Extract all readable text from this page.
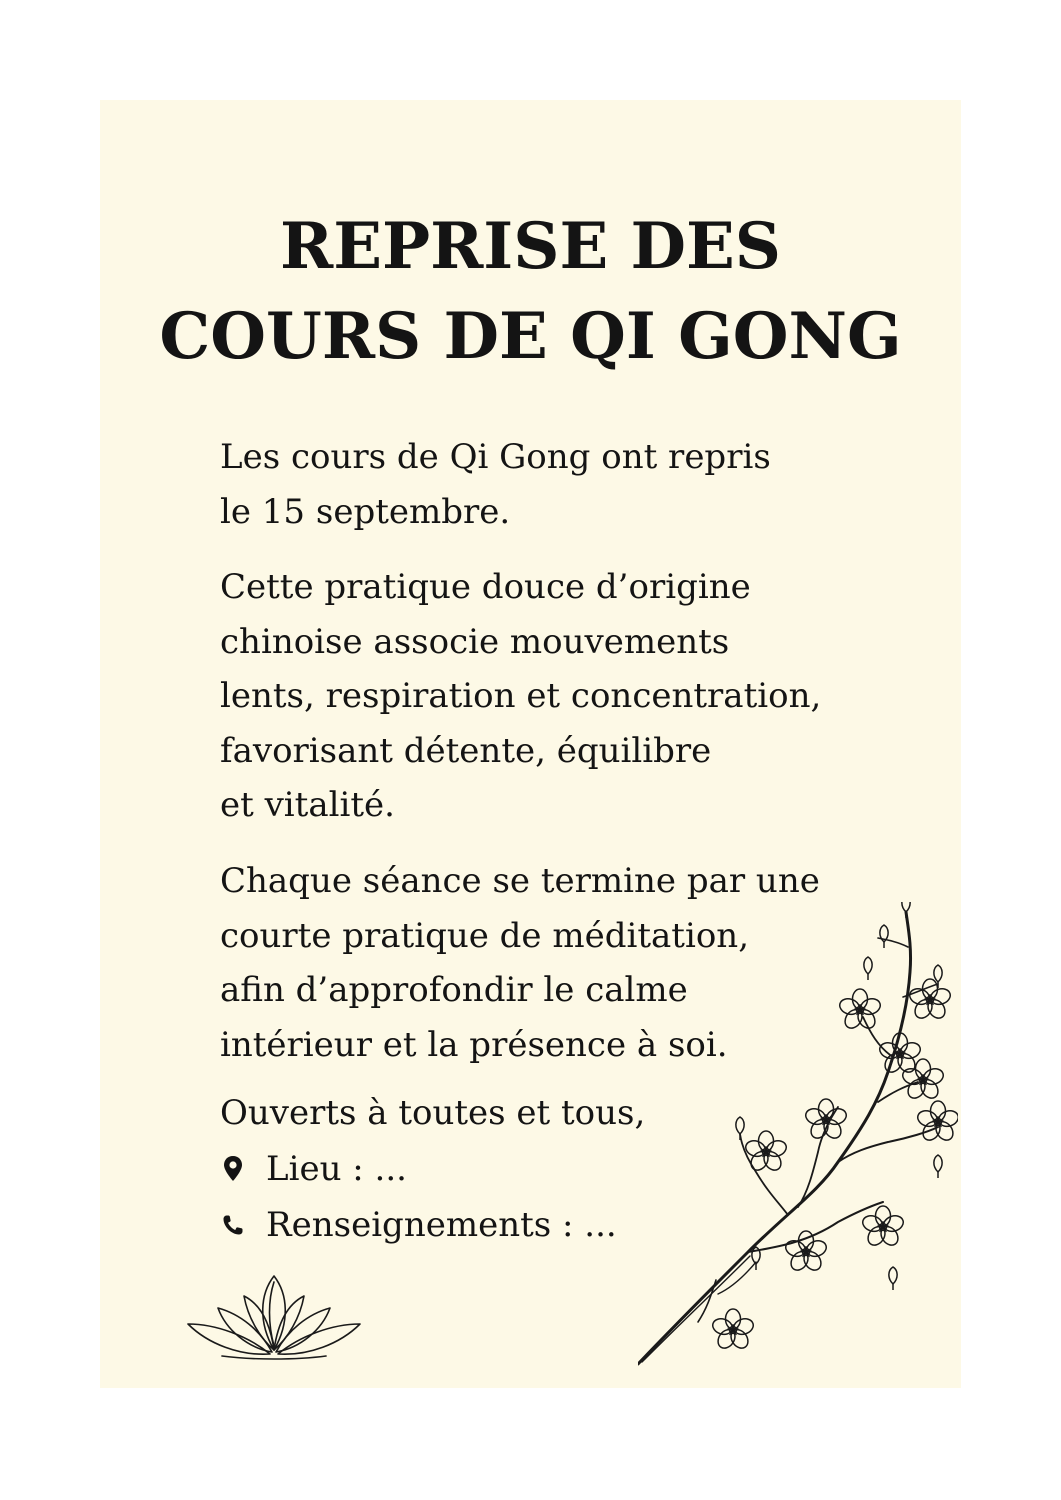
REPRISE DES
COURS DE QI GONG

Les cours de Qi Gong ont repris
le 15 septembre.

Cette pratique douce d’origine
chinoise associe mouvements
lents, respiration et concentration,
favorisant détente, équilibre
et vitalité.

Chaque séance se termine par une
courte pratique de méditation,
afin d’approfondir le calme
intérieur et la présence à soi.

Ouverts à toutes et tous,

Lieu : ...
Renseignements : ...
